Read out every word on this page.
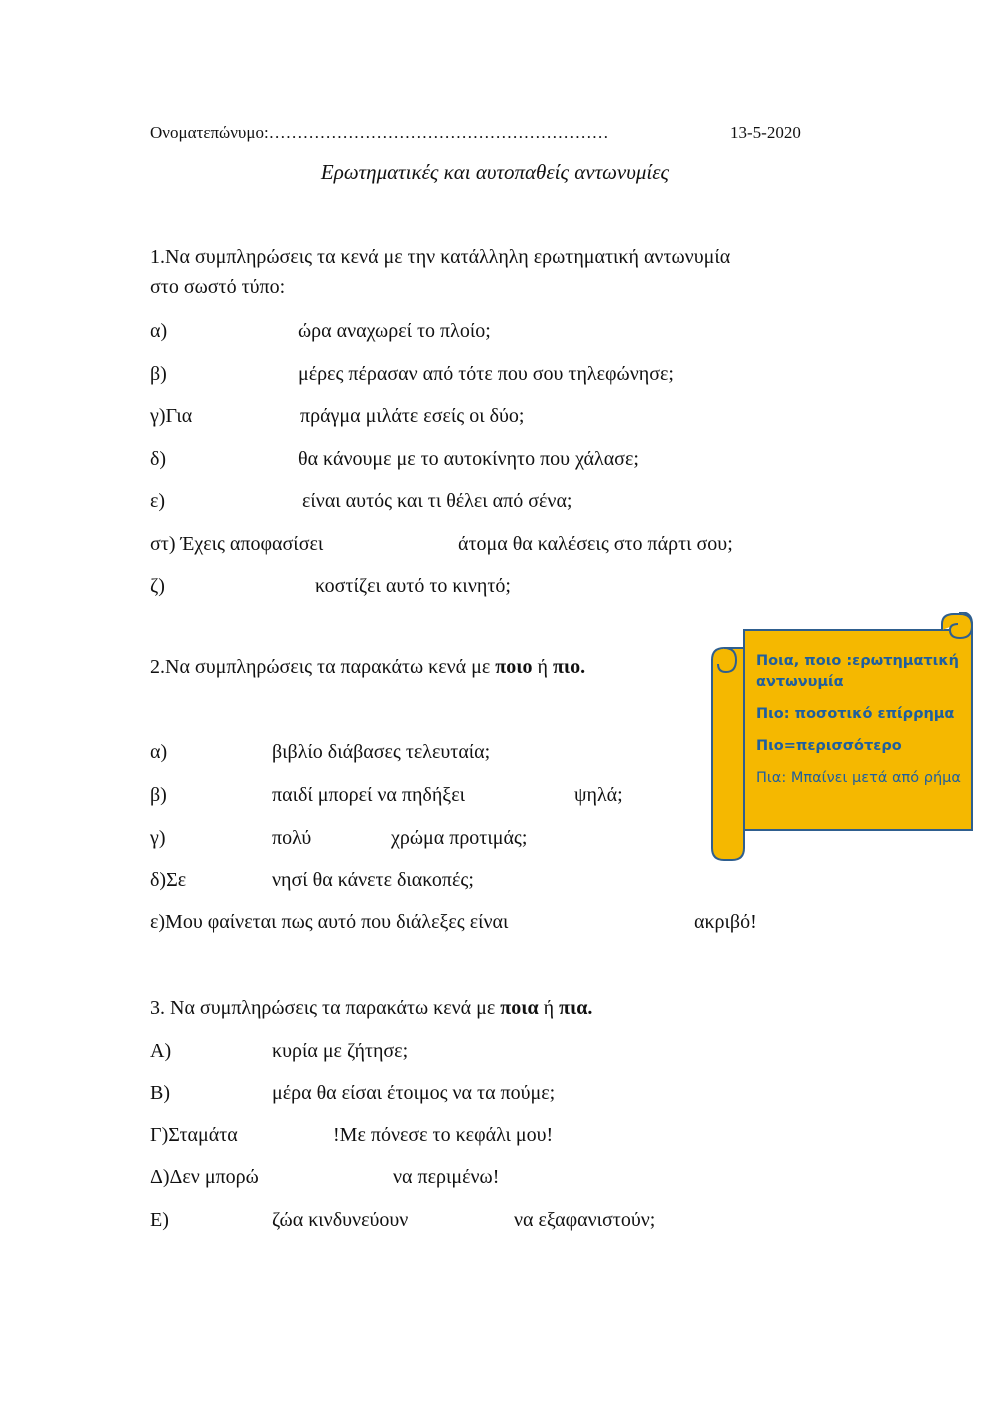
Ονοματεπώνυμο:……………………………………………………	13-5-2020
Ερωτηματικές και αυτοπαθείς αντωνυμίες
1.Να συμπληρώσεις τα κενά με την κατάλληλη ερωτηματική αντωνυμία
στο σωστό τύπο:
α)	ώρα αναχωρεί το πλοίο;
β)	μέρες πέρασαν από τότε που σου τηλεφώνησε;
γ)Για	πράγμα μιλάτε εσείς οι δύο;
δ)	θα κάνουμε με το αυτοκίνητο που χάλασε;
ε)	είναι αυτός και τι θέλει από σένα;
στ) Έχεις αποφασίσει	άτομα θα καλέσεις στο πάρτι σου;
ζ)	κοστίζει αυτό το κινητό;
2.Να συμπληρώσεις τα παρακάτω κενά με ποιο ή πιο.
α)	βιβλίο διάβασες τελευταία;
β)	παιδί μπορεί να πηδήξει	ψηλά;
γ)	πολύ	χρώμα προτιμάς;
δ)Σε	νησί θα κάνετε διακοπές;
ε)Μου φαίνεται πως αυτό που διάλεξες είναι	ακριβό!
3. Να συμπληρώσεις τα παρακάτω κενά με ποια ή πια.
Α)	κυρία με ζήτησε;
Β)	μέρα θα είσαι έτοιμος να τα πούμε;
Γ)Σταμάτα	!Με πόνεσε το κεφάλι μου!
Δ)Δεν μπορώ	να περιμένω!
Ε)	ζώα κινδυνεύουν	να εξαφανιστούν;

Ποια, ποιο :ερωτηματική αντωνυμία

Πιο: ποσοτικό επίρρημα

Πιο=περισσότερο

Πια: Μπαίνει μετά από ρήμα
